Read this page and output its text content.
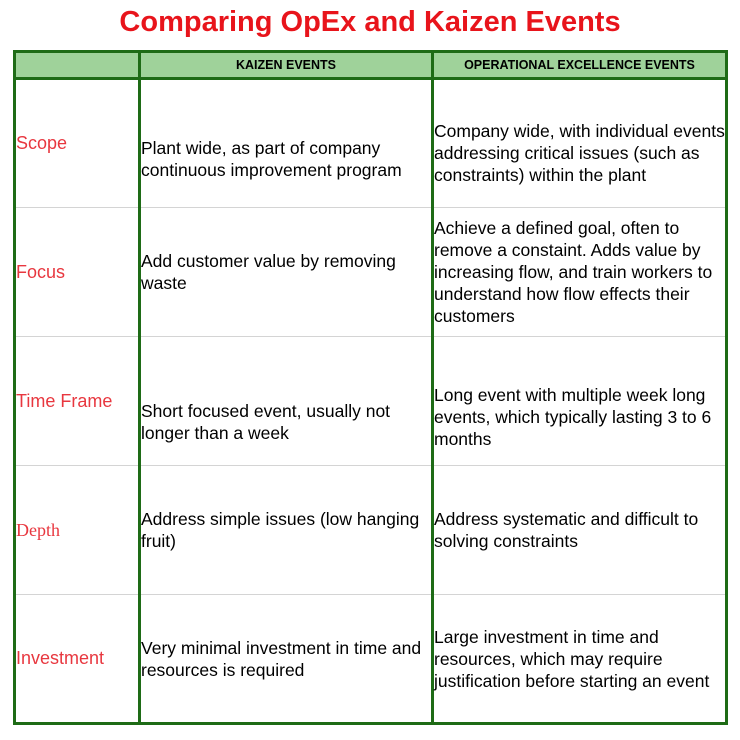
Comparing OpEx and Kaizen Events
	KAIZEN EVENTS	OPERATIONAL EXCELLENCE EVENTS
Scope	Plant wide, as part of company continuous improvement program	Company wide, with individual events addressing critical issues (such as constraints) within the plant
Focus	Add customer value by removing waste	Achieve a defined goal, often to remove a constaint. Adds value by increasing flow, and train workers to understand how flow effects their customers
Time Frame	Short focused event, usually not longer than a week	Long event with multiple week long events, which typically lasting 3 to 6 months
Depth	Address simple issues (low hanging fruit)	Address systematic and difficult to solving constraints
Investment	Very minimal investment in time and resources is required	Large investment in time and resources, which may require justification before starting an event
